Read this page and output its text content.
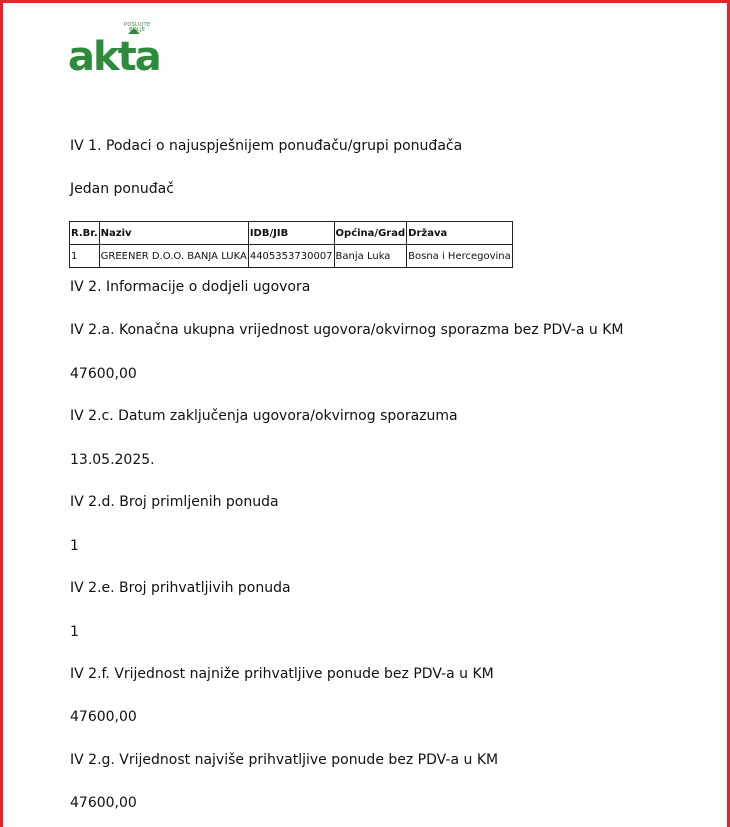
akta
POSLUJTE
BOLJE
IV 1. Podaci o najuspješnijem ponuđaču/grupi ponuđača
Jedan ponuđač
R.Br.	Naziv	IDB/JIB	Općina/Grad	Država
1	GREENER D.O.O. BANJA LUKA	4405353730007	Banja Luka	Bosna i Hercegovina
IV 2. Informacije o dodjeli ugovora
IV 2.a. Konačna ukupna vrijednost ugovora/okvirnog sporazma bez PDV-a u KM
47600,00
IV 2.c. Datum zaključenja ugovora/okvirnog sporazuma
13.05.2025.
IV 2.d. Broj primljenih ponuda
1
IV 2.e. Broj prihvatljivih ponuda
1
IV 2.f. Vrijednost najniže prihvatljive ponude bez PDV-a u KM
47600,00
IV 2.g. Vrijednost najviše prihvatljive ponude bez PDV-a u KM
47600,00
